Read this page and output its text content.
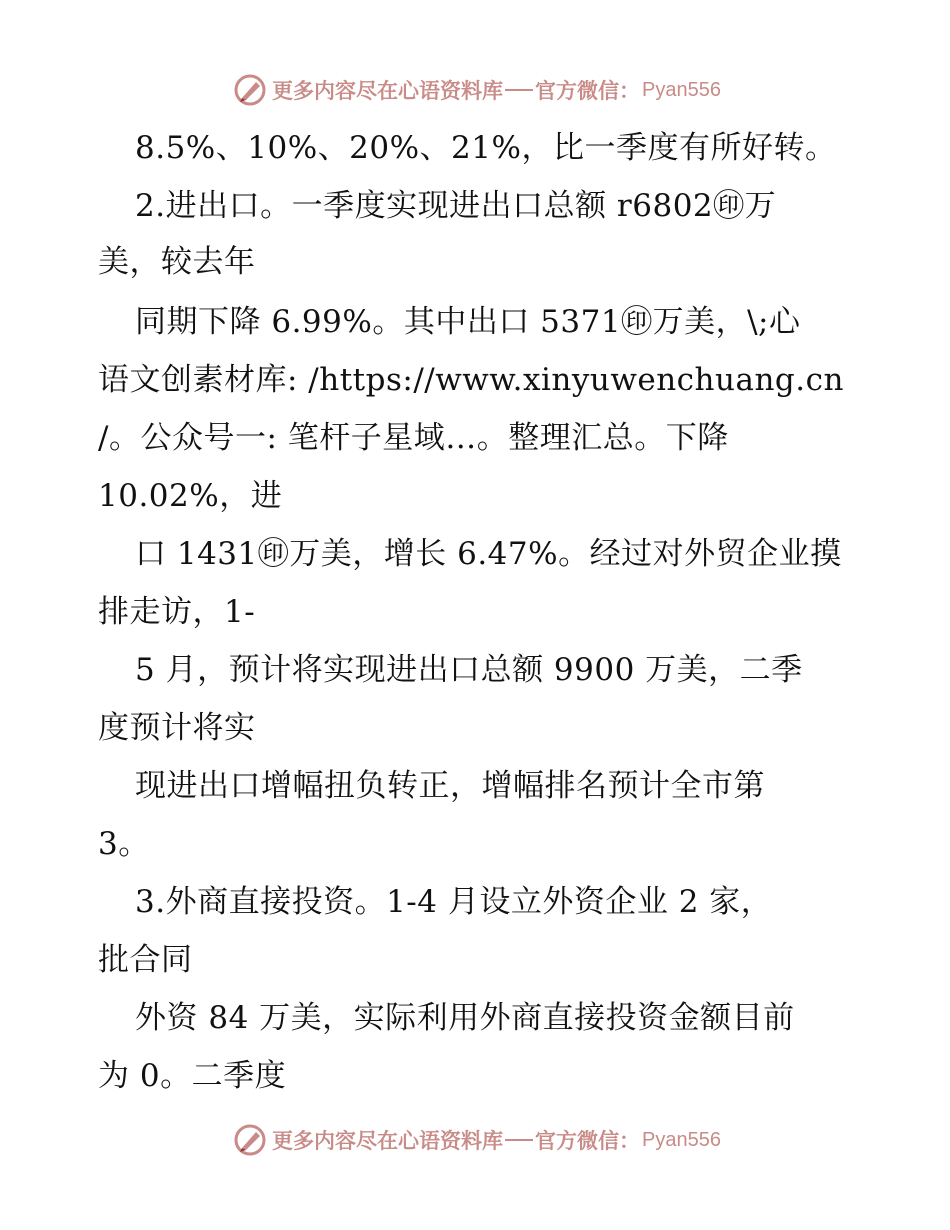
更多内容尽在心语资料库 官方微信： Pyan556
8.5%、10%、20%、21%，比一季度有所好转。
2.进出口。一季度实现进出口总额 r6802㊞万
美，较去年
同期下降 6.99%。其中出口 5371㊞万美，\;心
语文创素材库: /https://www.xinyuwenchuang.cn
/。公众号一: 笔杆子星域…。整理汇总。下降
10.02%，进
口 1431㊞万美，增长 6.47%。经过对外贸企业摸
排走访，1-
5 月，预计将实现进出口总额 9900 万美，二季
度预计将实
现进出口增幅扭负转正，增幅排名预计全市第
3。
3.外商直接投资。1-4 月设立外资企业 2 家，
批合同
外资 84 万美，实际利用外商直接投资金额目前
为 0。二季度
更多内容尽在心语资料库 官方微信： Pyan556
